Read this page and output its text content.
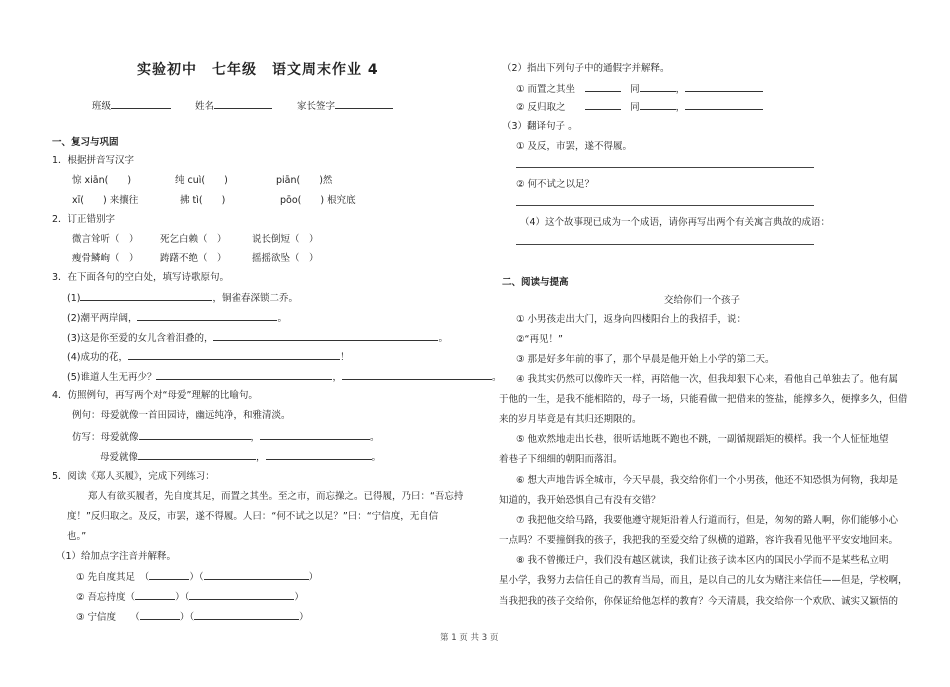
实验初中　七年级　语文周末作业 4
班级	姓名	家长签字
一、复习与巩固
1．根据拼音写汉字
惊 xiān(　　)	纯 cuì(　　)	piān(　　)然
xī(　　) 来攘往	拂 tì(　　)	pōo(　　) 根究底
2．订正错别字
微言耸听（　） 死乞白赖（　）	说长倒短（　）
瘦骨鳞峋（　） 踌躇不绝（　）	摇摇欲坠（　）
3．在下面各句的空白处，填写诗歌原句。
(1)	，铜雀春深锁二乔。
(2)潮平两岸阔，	。
(3)这是你至爱的女儿含着泪叠的，	。
(4)成功的花，	！
(5)谁道人生无再少？	，	。
4．仿照例句，再写两个对“母爱”理解的比喻句。
例句：母爱就像一首田园诗，幽远纯净，和雅清淡。
仿写：母爱就像	，	。
母爱就像	，	。
5．阅读《郑人买履》，完成下列练习：
郑人有欲买履者，先自度其足，而置之其坐。至之市，而忘操之。已得履，乃曰：“吾忘持
度！”反归取之。及反，市罢，遂不得履。人曰：“何不试之以足？”曰：“宁信度，无自信
也。”
（1）给加点字注音并解释。
① 先自度其足　（	）（	）
② 吾忘持度（	）（	）
③ 宁信度　　（	）（	）
（2）指出下列句子中的通假字并解释。
① 而置之其坐　　	同	，
② 反归取之　　　	同	，
（3）翻译句子 。
① 及反，市罢，遂不得履。
② 何不试之以足？
（4）这个故事现已成为一个成语，请你再写出两个有关寓言典故的成语：
二、阅读与提高
交给你们一个孩子
① 小男孩走出大门，返身向四楼阳台上的我招手，说：
②“再见！”
③ 那是好多年前的事了，那个早晨是他开始上小学的第二天。
④ 我其实仍然可以像昨天一样，再陪他一次，但我却狠下心来，看他自己单独去了。他有属
于他的一生，是我不能相陪的，母子一场，只能看做一把借来的签盐，能撑多久，便撑多久，但借
来的岁月毕竟是有其归还期限的。
⑤ 他欢然地走出长巷，很听话地既不跑也不跳，一副循规蹈矩的模样。我一个人怔怔地望
着巷子下细细的朝阳而落泪。
⑥ 想大声地告诉全城市，今天早晨，我交给你们一个小男孩，他还不知恐惧为何物，我却是
知道的，我开始恐惧自己有没有交错？
⑦ 我把他交给马路，我要他遵守规矩沿着人行道而行，但是，匆匆的路人啊，你们能够小心
一点吗？不要撞倒我的孩子，我把我的至爱交给了纵横的道路，容许我看见他平平安安地回来。
⑧ 我不曾搬迁户，我们没有越区就读，我们让孩子读本区内的国民小学而不是某些私立明
星小学，我努力去信任自己的教育当局，而且，是以自己的儿女为赌注来信任——但是，学校啊，
当我把我的孩子交给你，你保证给他怎样的教育？今天清晨，我交给你一个欢欣、诚实又颖悟的
第 1 页 共 3 页
